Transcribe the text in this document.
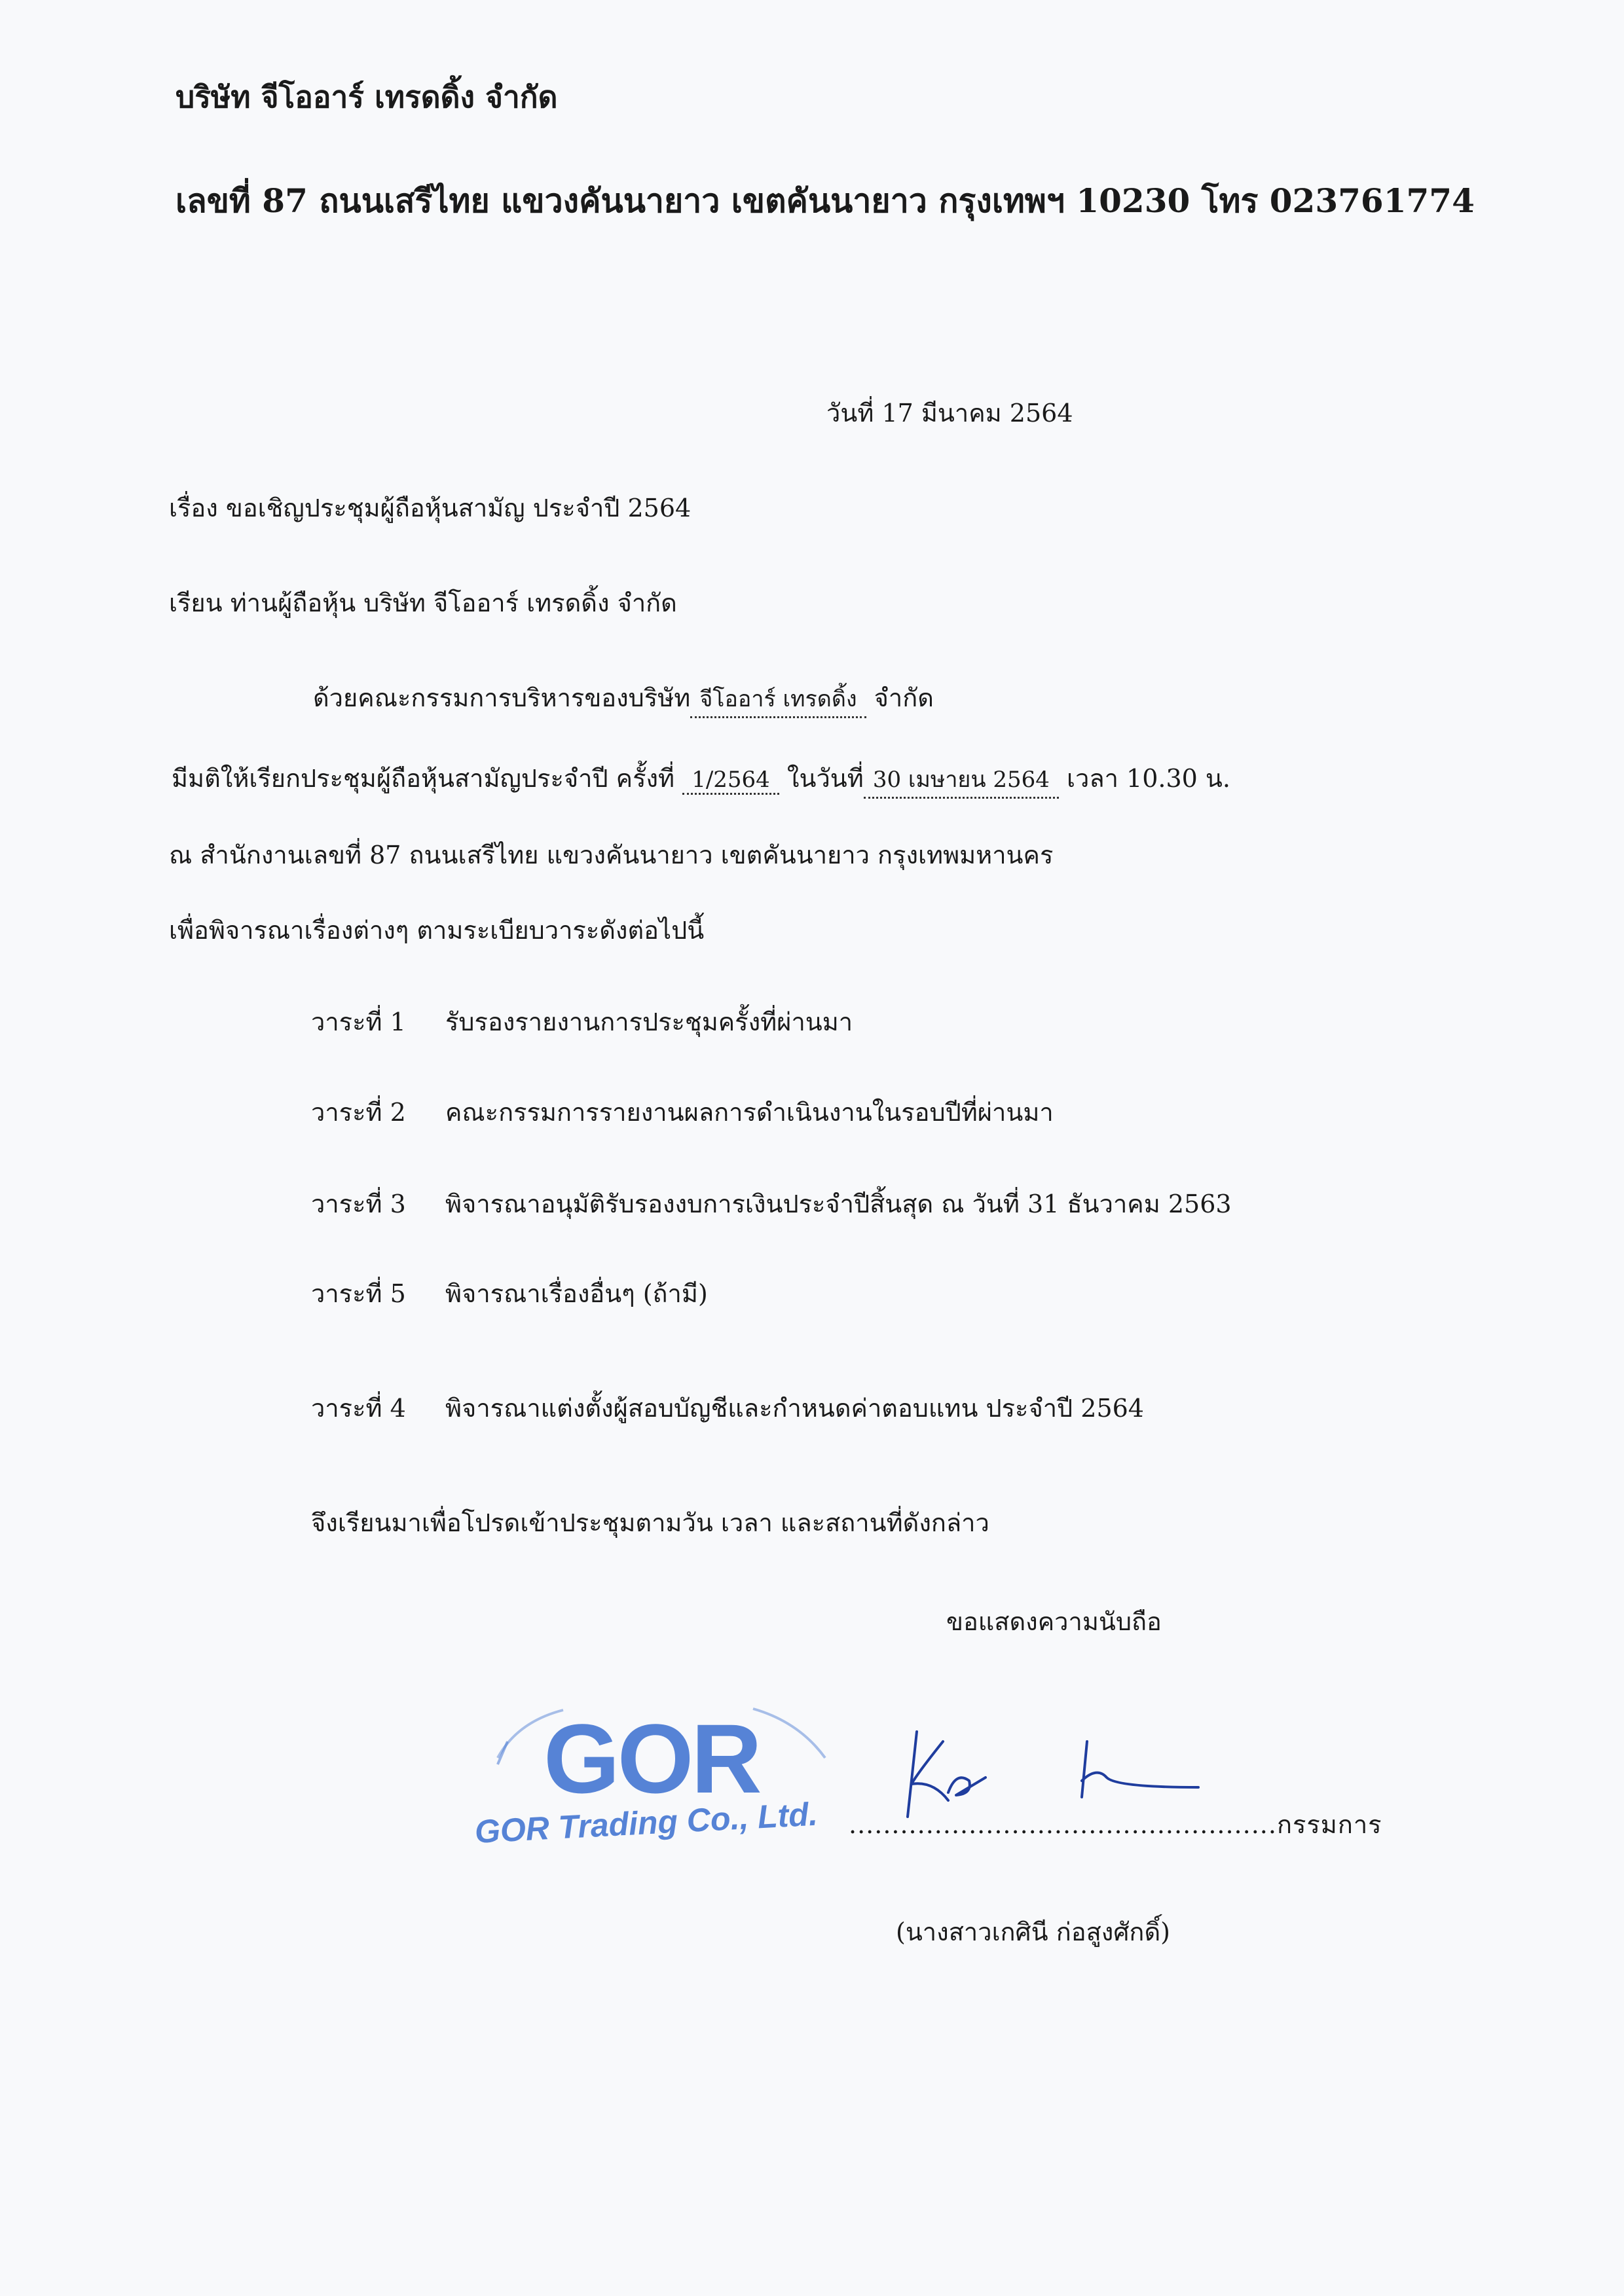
บริษัท จีโออาร์ เทรดดิ้ง จำกัด
เลขที่ 87 ถนนเสรีไทย แขวงคันนายาว เขตคันนายาว กรุงเทพฯ 10230 โทร 023761774
วันที่ 17 มีนาคม 2564
เรื่อง ขอเชิญประชุมผู้ถือหุ้นสามัญ ประจำปี 2564
เรียน ท่านผู้ถือหุ้น บริษัท จีโออาร์ เทรดดิ้ง จำกัด
ด้วยคณะกรรมการบริหารของบริษัท จีโออาร์ เทรดดิ้ง จำกัด
มีมติให้เรียกประชุมผู้ถือหุ้นสามัญประจำปี ครั้งที่ 1/2564 ในวันที่ 30 เมษายน 2564 เวลา 10.30 น.
ณ สำนักงานเลขที่ 87 ถนนเสรีไทย แขวงคันนายาว เขตคันนายาว กรุงเทพมหานคร
เพื่อพิจารณาเรื่องต่างๆ ตามระเบียบวาระดังต่อไปนี้
วาระที่ 1 รับรองรายงานการประชุมครั้งที่ผ่านมา
วาระที่ 2 คณะกรรมการรายงานผลการดำเนินงานในรอบปีที่ผ่านมา
วาระที่ 3 พิจารณาอนุมัติรับรองงบการเงินประจำปีสิ้นสุด ณ วันที่ 31 ธันวาคม 2563
วาระที่ 5 พิจารณาเรื่องอื่นๆ (ถ้ามี)
วาระที่ 4 พิจารณาแต่งตั้งผู้สอบบัญชีและกำหนดค่าตอบแทน ประจำปี 2564
จึงเรียนมาเพื่อโปรดเข้าประชุมตามวัน เวลา และสถานที่ดังกล่าว
ขอแสดงความนับถือ
GOR
GOR Trading Co., Ltd. ..................................................กรรมการ
(นางสาวเกศินี ก่อสูงศักดิ์)
